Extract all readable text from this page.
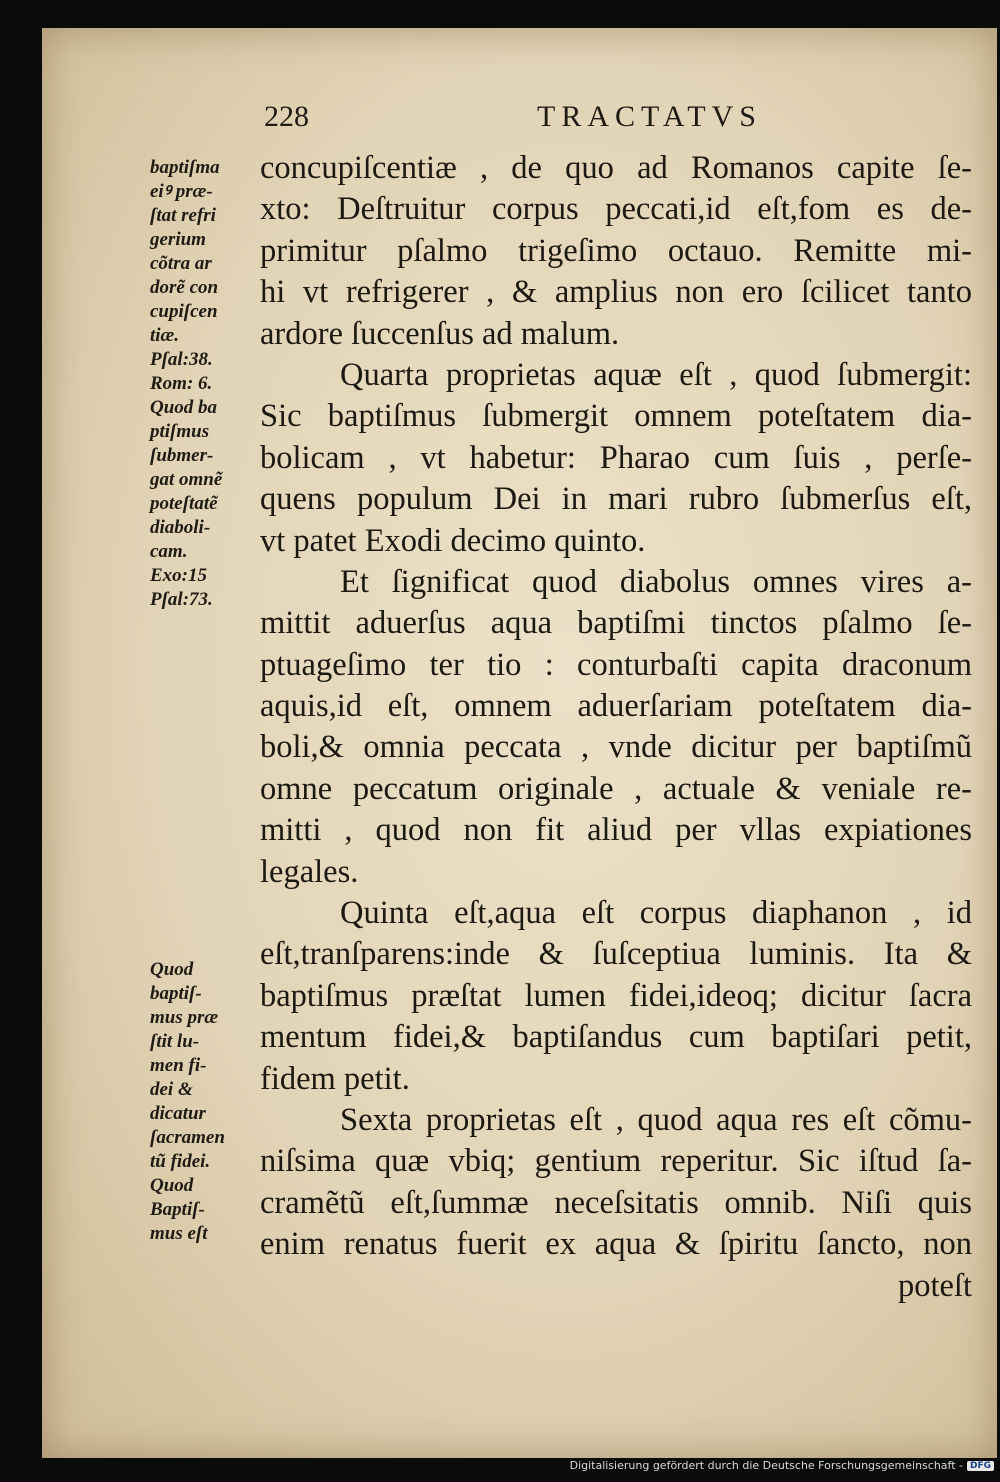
228	TRACTATVS
baptiſma
eiꝰ præ-
ſtat refri
gerium
cõtra ar
dorẽ con
cupiſcen
tiæ.
Pſal:38.
Rom: 6.
Quod ba
ptiſmus
ſubmer-
gat omnẽ
poteſtatẽ
diaboli-
cam.
Exo:15
Pſal:73.
Quod
baptiſ-
mus præ
ſtit lu-
men fi-
dei &
dicatur
ſacramen
tũ fidei.
Quod
Baptiſ-
mus eſt
concupiſcentiæ , de quo ad Romanos capite ſe-
xto: Deſtruitur corpus peccati,id eſt,fom es de-
primitur pſalmo trigeſimo octauo. Remitte mi-
hi vt refrigerer , & amplius non ero ſcilicet tanto
ardore ſuccenſus ad malum.
Quarta proprietas aquæ eſt , quod ſubmergit:
Sic baptiſmus ſubmergit omnem poteſtatem dia-
bolicam , vt habetur: Pharao cum ſuis , perſe-
quens populum Dei in mari rubro ſubmerſus eſt,
vt patet Exodi decimo quinto.
Et ſignificat quod diabolus omnes vires a-
mittit aduerſus aqua baptiſmi tinctos pſalmo ſe-
ptuageſimo ter tio : conturbaſti capita draconum
aquis,id eſt, omnem aduerſariam poteſtatem dia-
boli,& omnia peccata , vnde dicitur per baptiſmũ
omne peccatum originale , actuale & veniale re-
mitti , quod non fit aliud per vllas expiationes
legales.
Quinta eſt,aqua eſt corpus diaphanon , id
eſt,tranſparens:inde & ſuſceptiua luminis. Ita &
baptiſmus præſtat lumen fidei,ideoq; dicitur ſacra
mentum fidei,& baptiſandus cum baptiſari petit,
fidem petit.
Sexta proprietas eſt , quod aqua res eſt cõmu-
niſsima quæ vbiq; gentium reperitur. Sic iſtud ſa-
cramẽtũ eſt,ſummæ neceſsitatis omnib. Niſi quis
enim renatus fuerit ex aqua & ſpiritu ſancto, non
poteſt
Digitalisierung gefördert durch die Deutsche Forschungsgemeinschaft - DFG
